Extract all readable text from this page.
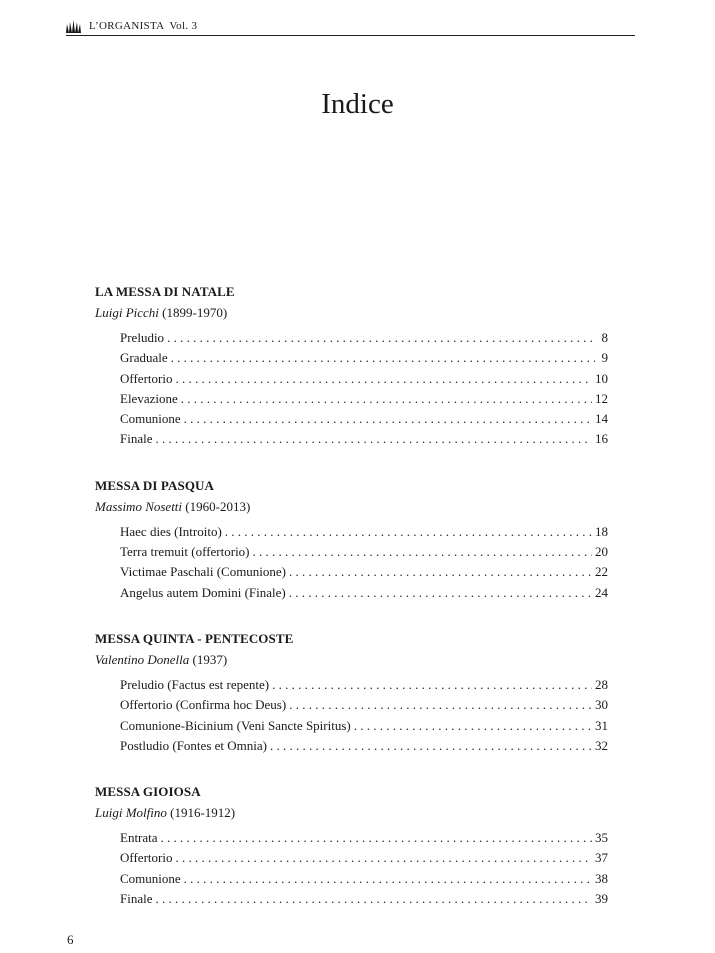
L’ORGANISTA Vol. 3
Indice
LA MESSA DI NATALE
Luigi Picchi (1899-1970)
Preludio . . .	8
Graduale . . .	9
Offertorio . . .	10
Elevazione . . .	12
Comunione . . .	14
Finale . . .	16
MESSA DI PASQUA
Massimo Nosetti (1960-2013)
Haec dies (Introito) . . .	18
Terra tremuit (offertorio) . . .	20
Victimae Paschali (Comunione) . . .	22
Angelus autem Domini (Finale) . . .	24
MESSA QUINTA - PENTECOSTE
Valentino Donella (1937)
Preludio (Factus est repente) . . .	28
Offertorio (Confirma hoc Deus) . . .	30
Comunione-Bicinium (Veni Sancte Spiritus) . . .	31
Postludio (Fontes et Omnia) . . .	32
MESSA GIOIOSA
Luigi Molfino (1916-1912)
Entrata . . .	35
Offertorio . . .	37
Comunione . . .	38
Finale . . .	39
6
